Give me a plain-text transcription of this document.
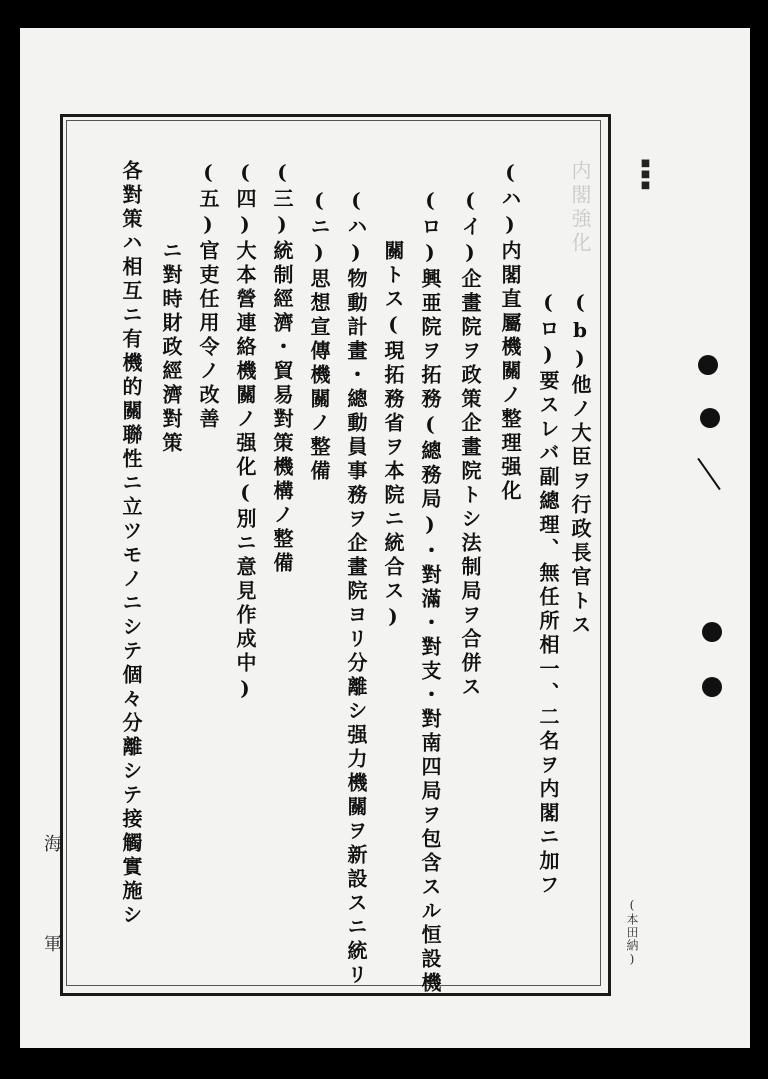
■■■
内閣強化
(b)他ノ大臣ヲ行政長官トス
(ロ)要スレバ副總理、無任所相一、二名ヲ内閣ニ加フ
(ハ)内閣直屬機關ノ整理强化
(イ)企畫院ヲ政策企畫院トシ法制局ヲ合併ス
(ロ)興亜院ヲ拓務(總務局)・對滿・對支・對南四局ヲ包含スル恒設機
關トス(現拓務省ヲ本院ニ統合ス)
(ハ)物動計畫・總動員事務ヲ企畫院ヨリ分離シ强力機關ヲ新設スニ統リ
(ニ)思想宣傳機關ノ整備
(三)統制經濟・貿易對策機構ノ整備
(四)大本營連絡機關ノ强化(別ニ意見作成中)
(五)官吏任用令ノ改善
ニ對時財政經濟對策
各對策ハ相互ニ有機的關聯性ニ立ツモノニシテ個々分離シテ接觸實施シ
海
軍	(本田納)
